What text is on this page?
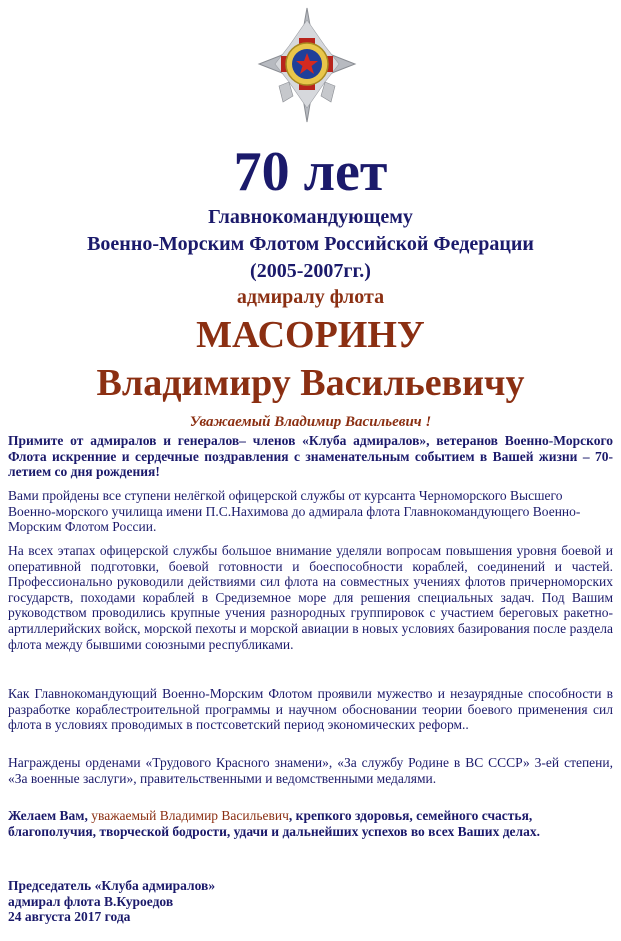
70 лет
Главнокомандующему
Военно-Морским Флотом Российской Федерации
(2005-2007гг.)
адмиралу флота
МАСОРИНУ
Владимиру Васильевичу
Уважаемый Владимир Васильевич !
Примите от адмиралов и генералов– членов «Клуба адмиралов», ветеранов Военно-Морского Флота искренние и сердечные поздравления с знаменательным событием в Вашей жизни – 70-летием со дня рождения!
Вами пройдены все ступени нелёгкой офицерской службы от курсанта Черноморского Высшего Военно-морского училища имени П.С.Нахимова до адмирала флота Главнокомандующего Военно-Морским Флотом России.
На всех этапах офицерской службы большое внимание уделяли вопросам повышения уровня боевой и оперативной подготовки, боевой готовности и боеспособности кораблей, соединений и частей. Профессионально руководили действиями сил флота на совместных учениях флотов причерноморских государств, походами кораблей в Средиземное море для решения специальных задач. Под Вашим руководством проводились крупные учения разнородных группировок с участием береговых ракетно-артиллерийских войск, морской пехоты и морской авиации в новых условиях базирования после раздела флота между бывшими союзными республиками.
Как Главнокомандующий Военно-Морским Флотом проявили мужество и незаурядные способности в разработке кораблестроительной программы и научном обосновании теории боевого применения сил флота в условиях проводимых в постсоветский период экономических реформ..
Награждены орденами «Трудового Красного знамени», «За службу Родине в ВС СССР» 3-ей степени, «За военные заслуги», правительственными и ведомственными медалями.
Желаем Вам, уважаемый Владимир Васильевич, крепкого здоровья, семейного счастья, благополучия, творческой бодрости, удачи и дальнейших успехов во всех Ваших делах.
Председатель «Клуба адмиралов»
адмирал флота В.Куроедов
24 августа 2017 года
